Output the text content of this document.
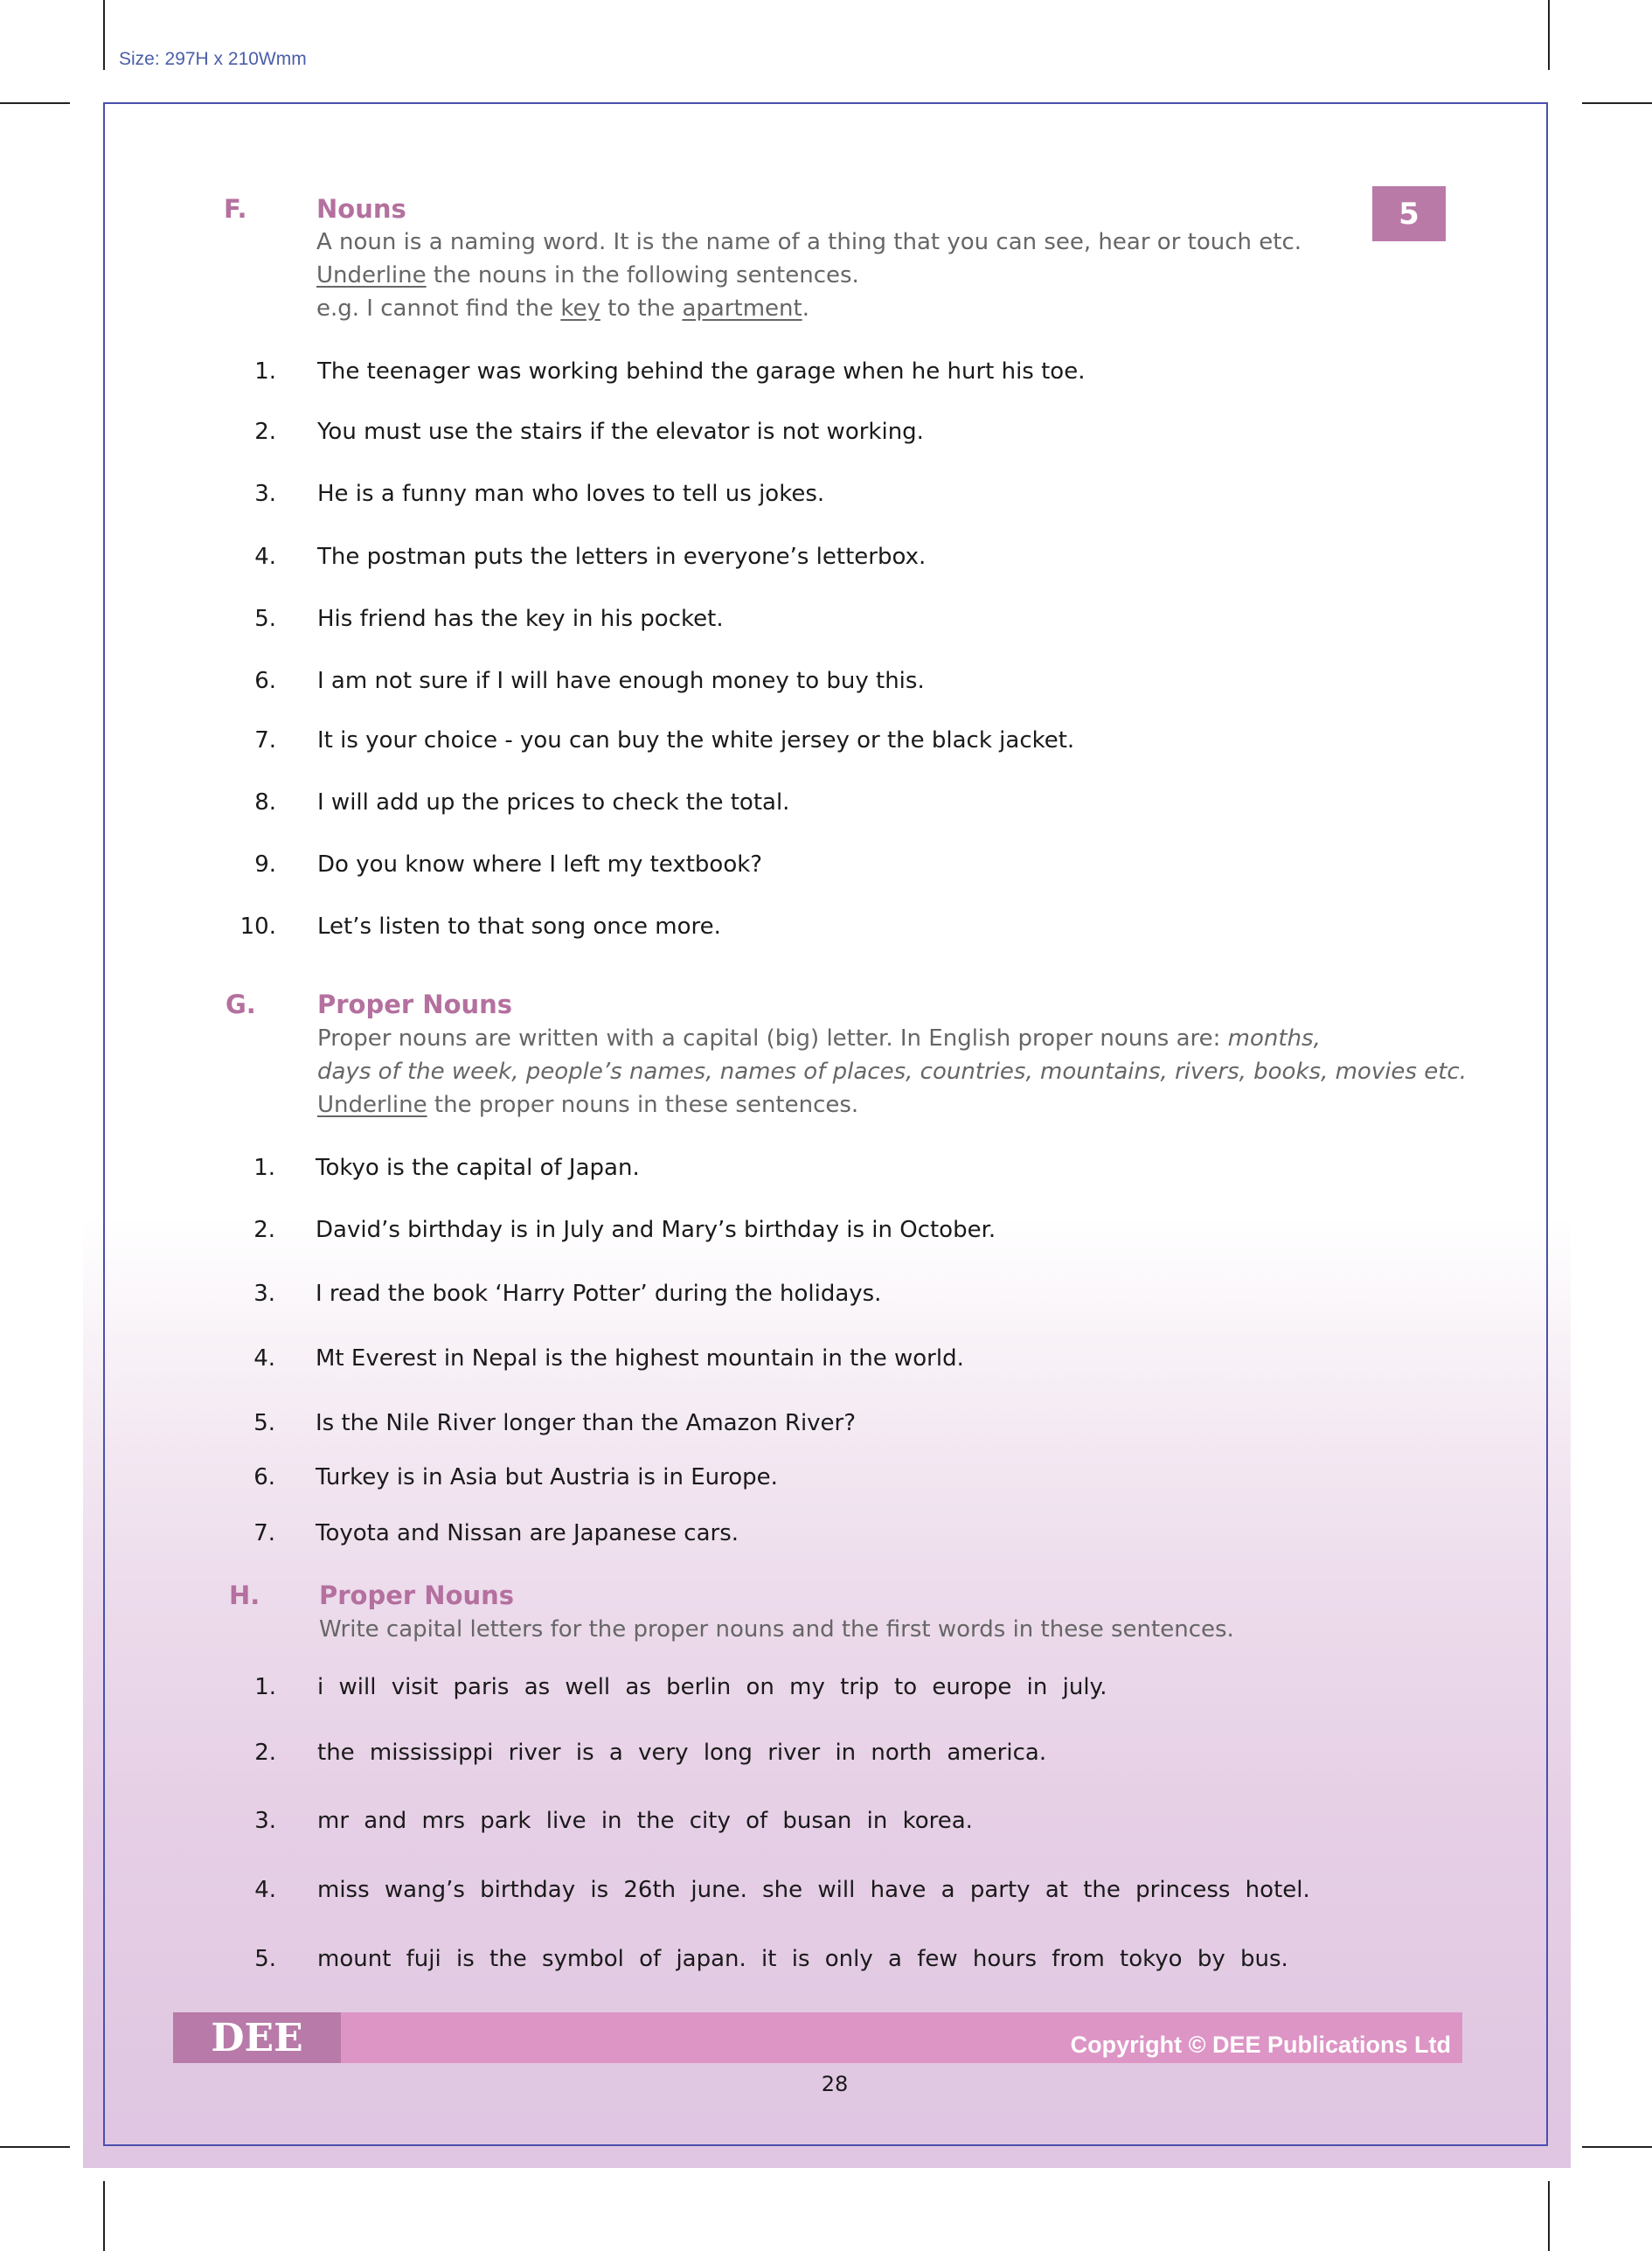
Size: 297H x 210Wmm
5
F.	Nouns
A noun is a naming word. It is the name of a thing that you can see, hear or touch etc.
Underline the nouns in the following sentences.
e.g. I cannot find the key to the apartment.
1. The teenager was working behind the garage when he hurt his toe.
2. You must use the stairs if the elevator is not working.
3. He is a funny man who loves to tell us jokes.
4. The postman puts the letters in everyone’s letterbox.
5. His friend has the key in his pocket.
6. I am not sure if I will have enough money to buy this.
7. It is your choice - you can buy the white jersey or the black jacket.
8. I will add up the prices to check the total.
9. Do you know where I left my textbook?
10. Let’s listen to that song once more.
G. Proper Nouns
Proper nouns are written with a capital (big) letter. In English proper nouns are: months,
days of the week, people’s names, names of places, countries, mountains, rivers, books, movies etc.
Underline the proper nouns in these sentences.
1. Tokyo is the capital of Japan.
2. David’s birthday is in July and Mary’s birthday is in October.
3. I read the book ‘Harry Potter’ during the holidays.
4. Mt Everest in Nepal is the highest mountain in the world.
5. Is the Nile River longer than the Amazon River?
6. Turkey is in Asia but Austria is in Europe.
7. Toyota and Nissan are Japanese cars.
H. Proper Nouns
Write capital letters for the proper nouns and the first words in these sentences.
1. i will visit paris as well as berlin on my trip to europe in july.
2. the mississippi river is a very long river in north america.
3. mr and mrs park live in the city of busan in korea.
4. miss wang’s birthday is 26th june. she will have a party at the princess hotel.
5. mount fuji is the symbol of japan. it is only a few hours from tokyo by bus.
DEE	Copyright © DEE Publications Ltd
28
